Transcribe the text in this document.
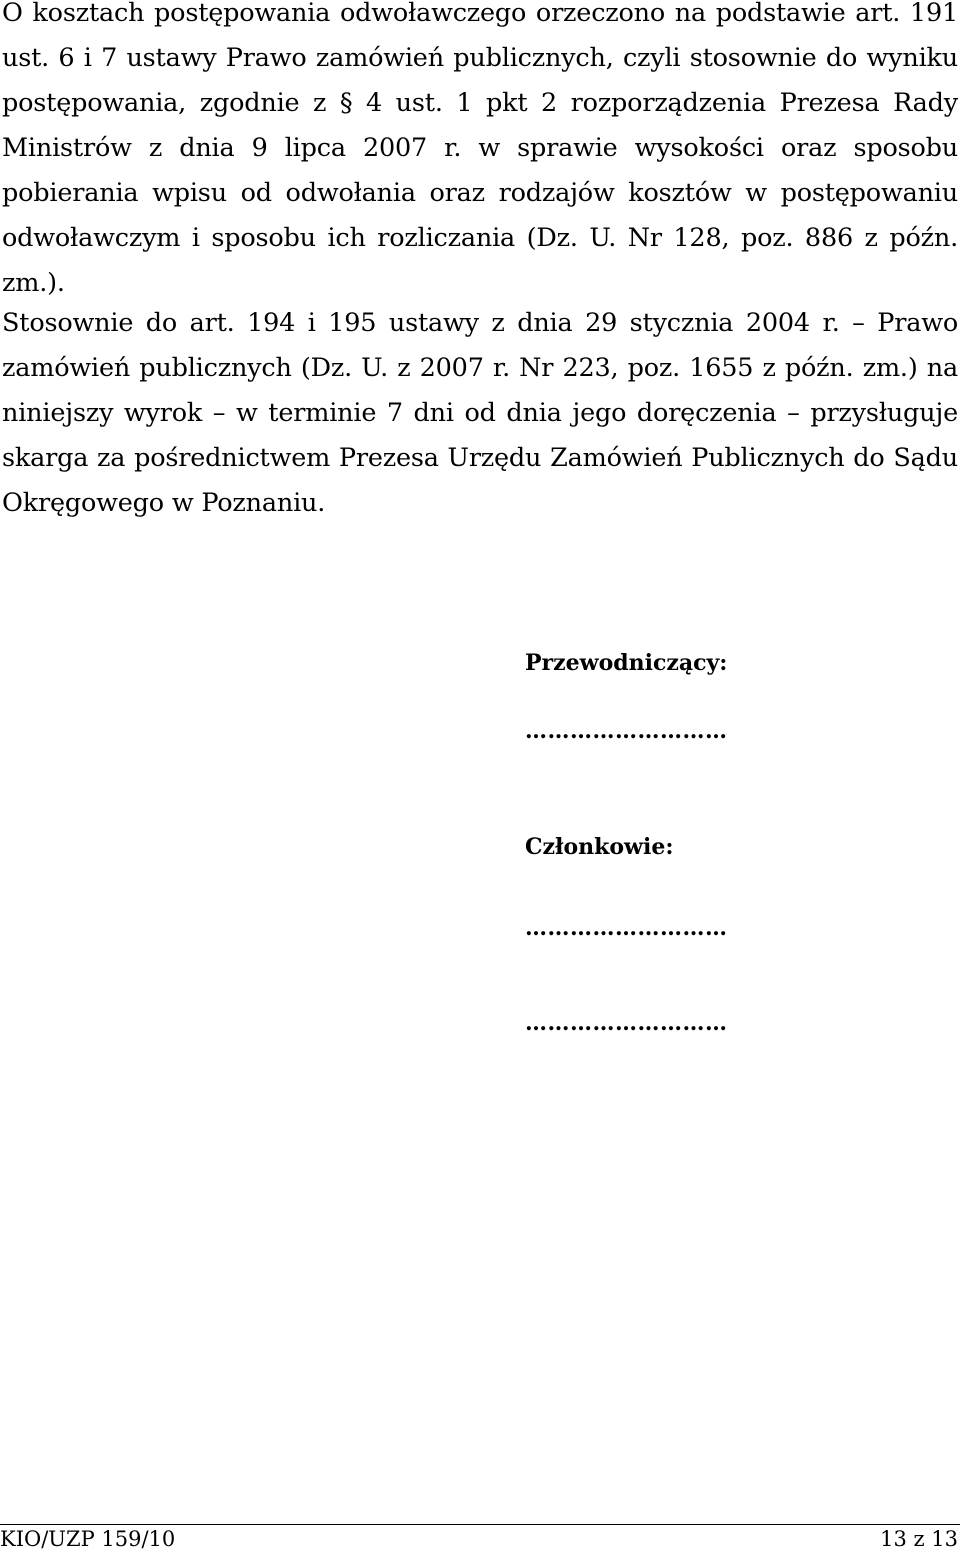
O kosztach postępowania odwoławczego orzeczono na podstawie art. 191 ust. 6 i 7 ustawy Prawo zamówień publicznych, czyli stosownie do wyniku postępowania, zgodnie z § 4 ust. 1 pkt 2 rozporządzenia Prezesa Rady Ministrów z dnia 9 lipca 2007 r. w sprawie wysokości oraz sposobu pobierania wpisu od odwołania oraz rodzajów kosztów w postępowaniu odwoławczym i sposobu ich rozliczania (Dz. U. Nr 128, poz. 886 z późn. zm.).

Stosownie do art. 194 i 195 ustawy z dnia 29 stycznia 2004 r. – Prawo zamówień publicznych (Dz. U. z 2007 r. Nr 223, poz. 1655 z późn. zm.) na niniejszy wyrok – w terminie 7 dni od dnia jego doręczenia – przysługuje skarga za pośrednictwem Prezesa Urzędu Zamówień Publicznych do Sądu Okręgowego w Poznaniu.

Przewodniczący:

………………………

Członkowie:

………………………
………………………
KIO/UZP 159/10	13 z 13
